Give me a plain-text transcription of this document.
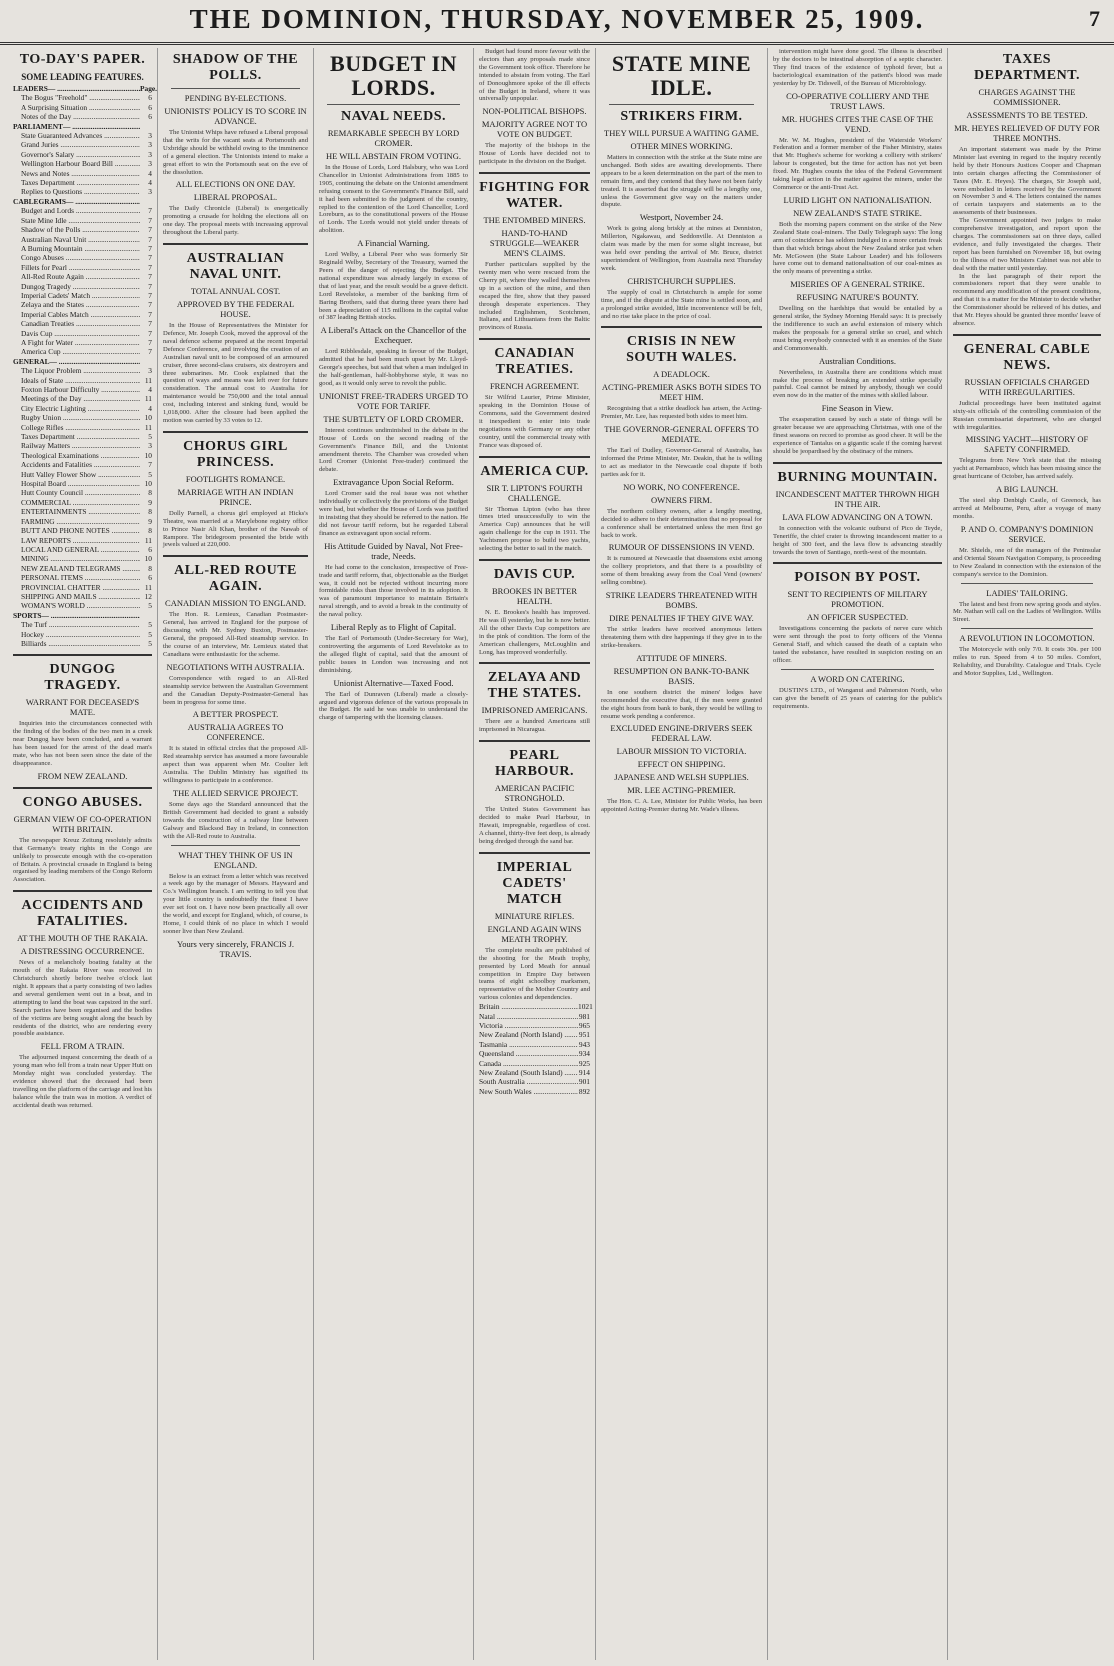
THE DOMINION, THURSDAY, NOVEMBER 25, 1909.	7
TO-DAY'S PAPER.
SOME LEADING FEATURES.
LEADERS— .....	Page.
The Bogus "Freehold" .....	6
A Surprising Situation .....	6
Notes of the Day .....	6
PARLIAMENT— .....
State Guaranteed Advances .....	3
Grand Juries .....	3
Governor's Salary .....	3
Wellington Harbour Board Bill .....	3
News and Notes .....	4
Taxes Department .....	4
Replies to Questions .....	3
CABLEGRAMS— .....
Budget and Lords .....	7
State Mine Idle .....	7
Shadow of the Polls .....	7
Australian Naval Unit .....	7
A Burning Mountain .....	7
Congo Abuses .....	7
Fillets for Pearl .....	7
All-Red Route Again .....	7
Dungog Tragedy .....	7
Imperial Cadets' Match .....	7
Zelaya and the States .....	7
Imperial Cables Match .....	7
Canadian Treaties .....	7
Davis Cup .....	7
A Fight for Water .....	7
America Cup .....	7
GENERAL— .....
The Liquor Problem .....	3
Ideals of State .....	11
Foxton Harbour Difficulty .....	4
Meetings of the Day .....	11
City Electric Lighting .....	4
Rugby Union .....	10
College Rifles .....	11
Taxes Department .....	5
Railway Matters .....	3
Theological Examinations .....	10
Accidents and Fatalities .....	7
Hutt Valley Flower Show .....	5
Hospital Board .....	10
Hutt County Council .....	8
COMMERCIAL .....	9
ENTERTAINMENTS .....	8
FARMING .....	9
BUTT AND PHONE NOTES .....	8
LAW REPORTS .....	11
LOCAL AND GENERAL .....	6
MINING .....	10
NEW ZEALAND TELEGRAMS .....	8
PERSONAL ITEMS .....	6
PROVINCIAL CHATTER .....	11
SHIPPING AND MAILS .....	12
WOMAN'S WORLD .....	5
SPORTS— .....
The Turf .....	5
Hockey .....	5
Billiards .....	5
DUNGOG TRAGEDY.
WARRANT FOR DECEASED'S MATE.

Inquiries into the circumstances connected with the finding of the bodies of the two men in a creek near Dungog have been concluded, and a warrant has been issued for the arrest of the dead man's mate, who has not been seen since the date of the disappearance.

FROM NEW ZEALAND.
CONGO ABUSES.
GERMAN VIEW OF CO-OPERATION WITH BRITAIN.

The newspaper Kreuz Zeitung resolutely admits that Germany's treaty rights in the Congo are unlikely to prosecute enough with the co-operation of Britain. A provincial crusade in England is being organised by leading members of the Congo Reform Association.

ACCIDENTS AND FATALITIES.
AT THE MOUTH OF THE RAKAIA.
A DISTRESSING OCCURRENCE.

News of a melancholy boating fatality at the mouth of the Rakaia River was received in Christchurch shortly before twelve o'clock last night. It appears that a party consisting of two ladies and several gentlemen went out in a boat, and in attempting to land the boat was capsized in the surf. Search parties have been organised and the bodies of the victims are being sought along the beach by residents of the district, who are rendering every possible assistance.

FELL FROM A TRAIN.

The adjourned inquest concerning the death of a young man who fell from a train near Upper Hutt on Monday night was concluded yesterday. The evidence showed that the deceased had been travelling on the platform of the carriage and lost his balance while the train was in motion. A verdict of accidental death was returned.

SHADOW OF THE POLLS.
PENDING BY-ELECTIONS.
UNIONISTS' POLICY IS TO SCORE IN ADVANCE.

The Unionist Whips have refused a Liberal proposal that the writs for the vacant seats at Portsmouth and Uxbridge should be withheld owing to the imminence of a general election. The Unionists intend to make a great effort to win the Portsmouth seat on the eve of the dissolution.

ALL ELECTIONS ON ONE DAY.
LIBERAL PROPOSAL.

The Daily Chronicle (Liberal) is energetically promoting a crusade for holding the elections all on one day. The proposal meets with increasing approval throughout the Liberal party.

AUSTRALIAN NAVAL UNIT.
TOTAL ANNUAL COST.
APPROVED BY THE FEDERAL HOUSE.

In the House of Representatives the Minister for Defence, Mr. Joseph Cook, moved the approval of the naval defence scheme prepared at the recent Imperial Defence Conference, and involving the creation of an Australian naval unit to be composed of an armoured cruiser, three second-class cruisers, six destroyers and three submarines. Mr. Cook explained that the question of ways and means was left over for future consideration. The annual cost to Australia for maintenance would be 750,000 and the total annual cost, including interest and sinking fund, would be 1,018,000. After the closure had been applied the motion was carried by 33 votes to 12.

CHORUS GIRL PRINCESS.
FOOTLIGHTS ROMANCE.
MARRIAGE WITH AN INDIAN PRINCE.

Dolly Parnell, a chorus girl employed at Hicks's Theatre, was married at a Marylebone registry office to Prince Nasir Ali Khan, brother of the Nawab of Rampore. The bridegroom presented the bride with jewels valued at 220,000.

ALL-RED ROUTE AGAIN.
CANADIAN MISSION TO ENGLAND.

The Hon. R. Lemieux, Canadian Postmaster-General, has arrived in England for the purpose of discussing with Mr. Sydney Buxton, Postmaster-General, the proposed All-Red steamship service. In the course of an interview, Mr. Lemieux stated that Canadians were enthusiastic for the scheme.

NEGOTIATIONS WITH AUSTRALIA.

Correspondence with regard to an All-Red steamship service between the Australian Government and the Canadian Deputy-Postmaster-General has been in progress for some time.

A BETTER PROSPECT.
AUSTRALIA AGREES TO CONFERENCE.

It is stated in official circles that the proposed All-Red steamship service has assumed a more favourable aspect than was apparent when Mr. Coulter left Australia. The Dublin Ministry has signified its willingness to participate in a conference.

THE ALLIED SERVICE PROJECT.

Some days ago the Standard announced that the British Government had decided to grant a subsidy towards the construction of a railway line between Galway and Blacksod Bay in Ireland, in connection with the All-Red route to Australia.

WHAT THEY THINK OF US IN ENGLAND.

Below is an extract from a letter which was received a week ago by the manager of Messrs. Hayward and Co.'s Wellington branch. I am writing to tell you that your little country is undoubtedly the finest I have ever set foot on. I have now been practically all over the world, and except for England, which, of course, is Home, I could think of no place in which I would sooner live than New Zealand.

Yours very sincerely, FRANCIS J. TRAVIS.
BUDGET IN LORDS.
NAVAL NEEDS.
REMARKABLE SPEECH BY LORD CROMER.
HE WILL ABSTAIN FROM VOTING.

In the House of Lords, Lord Halsbury, who was Lord Chancellor in Unionist Administrations from 1885 to 1905, continuing the debate on the Unionist amendment refusing consent to the Government's Finance Bill, said it had been submitted to the judgment of the country, replied to the contention of the Lord Chancellor, Lord Loreburn, as to the constitutional powers of the House of Lords. The Lords would not yield under threats of abolition.

A Financial Warning.

Lord Welby, a Liberal Peer who was formerly Sir Reginald Welby, Secretary of the Treasury, warned the Peers of the danger of rejecting the Budget. The national expenditure was already largely in excess of that of last year, and the result would be a grave deficit. Lord Revelstoke, a member of the banking firm of Baring Brothers, said that during three years there had been a depreciation of 115 millions in the capital value of 387 leading British stocks.

A Liberal's Attack on the Chancellor of the Exchequer.

Lord Ribblesdale, speaking in favour of the Budget, admitted that he had been much upset by Mr. Lloyd-George's speeches, but said that when a man indulged in the half-gentleman, half-hobbyhorse style, it was no good, as it would only serve to revolt the public.

UNIONIST FREE-TRADERS URGED TO VOTE FOR TARIFF.
THE SUBTLETY OF LORD CROMER.

Interest continues undiminished in the debate in the House of Lords on the second reading of the Government's Finance Bill, and the Unionist amendment thereto. The Chamber was crowded when Lord Cromer (Unionist Free-trader) continued the debate.

Extravagance Upon Social Reform.

Lord Cromer said the real issue was not whether individually or collectively the provisions of the Budget were bad, but whether the House of Lords was justified in insisting that they should be referred to the nation. He did not favour tariff reform, but he regarded Liberal finance as extravagant upon social reform.

His Attitude Guided by Naval, Not Free-trade, Needs.

He had come to the conclusion, irrespective of Free-trade and tariff reform, that, objectionable as the Budget was, it could not be rejected without incurring more formidable risks than those involved in its adoption. It was of paramount importance to maintain Britain's naval strength, and to avoid a break in the continuity of the naval policy.

Liberal Reply as to Flight of Capital.

The Earl of Portsmouth (Under-Secretary for War), controverting the arguments of Lord Revelstoke as to the alleged flight of capital, said that the amount of public issues in London was increasing and not diminishing.

Unionist Alternative—Taxed Food.

The Earl of Dunraven (Liberal) made a closely-argued and vigorous defence of the various proposals in the Budget. He said he was unable to understand the charge of tampering with the licensing clauses.

Budget had found more favour with the electors than any proposals made since the Government took office. Therefore he intended to abstain from voting. The Earl of Donoughmore spoke of the ill effects of the Budget in Ireland, where it was universally unpopular.

NON-POLITICAL BISHOPS.
MAJORITY AGREE NOT TO VOTE ON BUDGET.

The majority of the bishops in the House of Lords have decided not to participate in the division on the Budget.

FIGHTING FOR WATER.
THE ENTOMBED MINERS.
HAND-TO-HAND STRUGGLE—WEAKER MEN'S CLAIMS.

Further particulars supplied by the twenty men who were rescued from the Cherry pit, where they walled themselves up in a section of the mine, and then escaped the fire, show that they passed through desperate experiences. They included Englishmen, Scotchmen, Italians, and Lithuanians from the Baltic provinces of Russia.

CANADIAN TREATIES.
FRENCH AGREEMENT.

Sir Wilfrid Laurier, Prime Minister, speaking in the Dominion House of Commons, said the Government desired it inexpedient to enter into trade negotiations with Germany or any other country, until the commercial treaty with France was disposed of.

AMERICA CUP.
SIR T. LIPTON'S FOURTH CHALLENGE.

Sir Thomas Lipton (who has three times tried unsuccessfully to win the America Cup) announces that he will again challenge for the cup in 1911. The Yachtsmen propose to build two yachts, selecting the better to sail in the match.

DAVIS CUP.
BROOKES IN BETTER HEALTH.

N. E. Brookes's health has improved. He was ill yesterday, but he is now better. All the other Davis Cup competitors are in the pink of condition. The form of the American challengers, McLoughlin and Long, has improved wonderfully.

ZELAYA AND THE STATES.
IMPRISONED AMERICANS.

There are a hundred Americans still imprisoned in Nicaragua.

PEARL HARBOUR.
AMERICAN PACIFIC STRONGHOLD.

The United States Government has decided to make Pearl Harbour, in Hawaii, impregnable, regardless of cost. A channel, thirty-five feet deep, is already being dredged through the sand bar.

IMPERIAL CADETS' MATCH
MINIATURE RIFLES.
ENGLAND AGAIN WINS MEATH TROPHY.

The complete results are published of the shooting for the Meath trophy, presented by Lord Meath for annual competition in Empire Day between teams of eight schoolboy marksmen, representative of the Mother Country and various colonies and dependencies.

Britain .....	1021
Natal .....	981
Victoria .....	965
New Zealand (North Island) .....	951
Tasmania .....	943
Queensland .....	934
Canada .....	925
New Zealand (South Island) .....	914
South Australia .....	901
New South Wales .....	892
STATE MINE IDLE.
STRIKERS FIRM.
THEY WILL PURSUE A WAITING GAME.
OTHER MINES WORKING.

Matters in connection with the strike at the State mine are unchanged. Both sides are awaiting developments. There appears to be a keen determination on the part of the men to remain firm, and they contend that they have not been fairly treated. It is asserted that the struggle will be a lengthy one, unless the Government give way on the matters under dispute.

Westport, November 24.

Work is going along briskly at the mines at Denniston, Millerton, Ngakawau, and Seddonville. At Denniston a claim was made by the men for some slight increase, but was held over pending the arrival of Mr. Bruce, district superintendent of Wellington, from Australia next Thursday week.

CHRISTCHURCH SUPPLIES.

The supply of coal in Christchurch is ample for some time, and if the dispute at the State mine is settled soon, and a prolonged strike avoided, little inconvenience will be felt, and no rise take place in the price of coal.

CRISIS IN NEW SOUTH WALES.
A DEADLOCK.
ACTING-PREMIER ASKS BOTH SIDES TO MEET HIM.

Recognising that a strike deadlock has arisen, the Acting-Premier, Mr. Lee, has requested both sides to meet him.

THE GOVERNOR-GENERAL OFFERS TO MEDIATE.

The Earl of Dudley, Governor-General of Australia, has informed the Prime Minister, Mr. Deakin, that he is willing to act as mediator in the Newcastle coal dispute if both parties ask for it.

NO WORK, NO CONFERENCE.
OWNERS FIRM.

The northern colliery owners, after a lengthy meeting, decided to adhere to their determination that no proposal for a conference shall be entertained unless the men first go back to work.

RUMOUR OF DISSENSIONS IN VEND.

It is rumoured at Newcastle that dissensions exist among the colliery proprietors, and that there is a possibility of some of them breaking away from the Coal Vend (owners' selling combine).

STRIKE LEADERS THREATENED WITH BOMBS.
DIRE PENALTIES IF THEY GIVE WAY.

The strike leaders have received anonymous letters threatening them with dire happenings if they give in to the strike-breakers.

ATTITUDE OF MINERS.
RESUMPTION ON BANK-TO-BANK BASIS.

In one southern district the miners' lodges have recommended the executive that, if the men were granted the eight hours from bank to bank, they would be willing to resume work pending a conference.

EXCLUDED ENGINE-DRIVERS SEEK FEDERAL LAW.
LABOUR MISSION TO VICTORIA.
EFFECT ON SHIPPING.
JAPANESE AND WELSH SUPPLIES.
MR. LEE ACTING-PREMIER.

The Hon. C. A. Lee, Minister for Public Works, has been appointed Acting-Premier during Mr. Wade's illness.

intervention might have done good. The illness is described by the doctors to be intestinal absorption of a septic character. They find traces of the existence of typhoid fever, but a bacteriological examination of the patient's blood was made yesterday by Dr. Tidswell, of the Bureau of Microbiology.

CO-OPERATIVE COLLIERY AND THE TRUST LAWS.
MR. HUGHES CITES THE CASE OF THE VEND.

Mr. W. M. Hughes, president of the Waterside Workers' Federation and a former member of the Fisher Ministry, states that Mr. Hughes's scheme for working a colliery with strikers' labour is congested, but the time for action has not yet been fixed. Mr. Hughes counts the idea of the Federal Government taking legal action in the matter against the miners, under the Commerce or the anti-Trust Act.

LURID LIGHT ON NATIONALISATION.
NEW ZEALAND'S STATE STRIKE.

Both the morning papers comment on the strike of the New Zealand State coal-miners. The Daily Telegraph says: The long arm of coincidence has seldom indulged in a more certain freak than that which brings about the New Zealand strike just when Mr. McGowen (the State Labour Leader) and his followers have come out to demand nationalisation of our coal-mines as the only means of preventing a strike.

MISERIES OF A GENERAL STRIKE.
REFUSING NATURE'S BOUNTY.

Dwelling on the hardships that would be entailed by a general strike, the Sydney Morning Herald says: It is precisely the indifference to such an awful extension of misery which makes the proposals for a general strike so cruel, and which must bring everybody connected with it as enemies of the State and Commonwealth.

Australian Conditions.

Nevertheless, in Australia there are conditions which must make the process of breaking an extended strike specially painful. Coal cannot be mined by anybody, though we could even now do in the matter of the mines with skilled labour.

Fine Season in View.

The exasperation caused by such a state of things will be greater because we are approaching Christmas, with one of the finest seasons on record to promise as good cheer. It will be the experience of Tantalus on a gigantic scale if the coming harvest should be jeopardised by the obstinacy of the miners.

BURNING MOUNTAIN.
INCANDESCENT MATTER THROWN HIGH IN THE AIR.
LAVA FLOW ADVANCING ON A TOWN.

In connection with the volcanic outburst of Pico de Teyde, Teneriffe, the chief crater is throwing incandescent matter to a height of 300 feet, and the lava flow is advancing steadily towards the town of Santiago, north-west of the mountain.

POISON BY POST.
SENT TO RECIPIENTS OF MILITARY PROMOTION.
AN OFFICER SUSPECTED.

Investigations concerning the packets of nerve cure which were sent through the post to forty officers of the Vienna General Staff, and which caused the death of a captain who tasted the substance, have resulted in suspicion resting on an officer.

A WORD ON CATERING.

DUSTIN'S LTD., of Wanganui and Palmerston North, who can give the benefit of 25 years of catering for the public's requirements.

TAXES DEPARTMENT.
CHARGES AGAINST THE COMMISSIONER.
ASSESSMENTS TO BE TESTED.
MR. HEYES RELIEVED OF DUTY FOR THREE MONTHS.

An important statement was made by the Prime Minister last evening in regard to the inquiry recently held by their Honours Justices Cooper and Chapman into certain charges affecting the Commissioner of Taxes (Mr. E. Heyes). The charges, Sir Joseph said, were embodied in letters received by the Government on November 3 and 4. The letters contained the names of certain taxpayers and statements as to the assessments of their businesses.

The Government appointed two judges to make comprehensive investigation, and report upon the charges. The commissioners sat on three days, called evidence, and fully investigated the charges. Their report has been furnished on November 18, but owing to the illness of two Ministers Cabinet was not able to deal with the matter until yesterday.

In the last paragraph of their report the commissioners report that they were unable to recommend any modification of the present conditions, and that it is a matter for the Minister to decide whether the Commissioner should be relieved of his duties, and that Mr. Heyes should be granted three months' leave of absence.

GENERAL CABLE NEWS.
RUSSIAN OFFICIALS CHARGED WITH IRREGULARITIES.

Judicial proceedings have been instituted against sixty-six officials of the controlling commission of the Russian commissariat department, who are charged with irregularities.

MISSING YACHT—HISTORY OF SAFETY CONFIRMED.

Telegrams from New York state that the missing yacht at Pernambuco, which has been missing since the great hurricane of October, has arrived safely.

A BIG LAUNCH.

The steel ship Denbigh Castle, of Greenock, has arrived at Melbourne, Peru, after a voyage of many months.

P. AND O. COMPANY'S DOMINION SERVICE.

Mr. Shields, one of the managers of the Peninsular and Oriental Steam Navigation Company, is proceeding to New Zealand in connection with the extension of the company's service to the Dominion.

LADIES' TAILORING.

The latest and best from new spring goods and styles. Mr. Nathan will call on the Ladies of Wellington. Willis Street.

A REVOLUTION IN LOCOMOTION.

The Motorcycle with only 7/0. It costs 30s. per 100 miles to run. Speed from 4 to 50 miles. Comfort, Reliability, and Durability. Catalogue and Trials. Cycle and Motor Supplies, Ltd., Wellington.
